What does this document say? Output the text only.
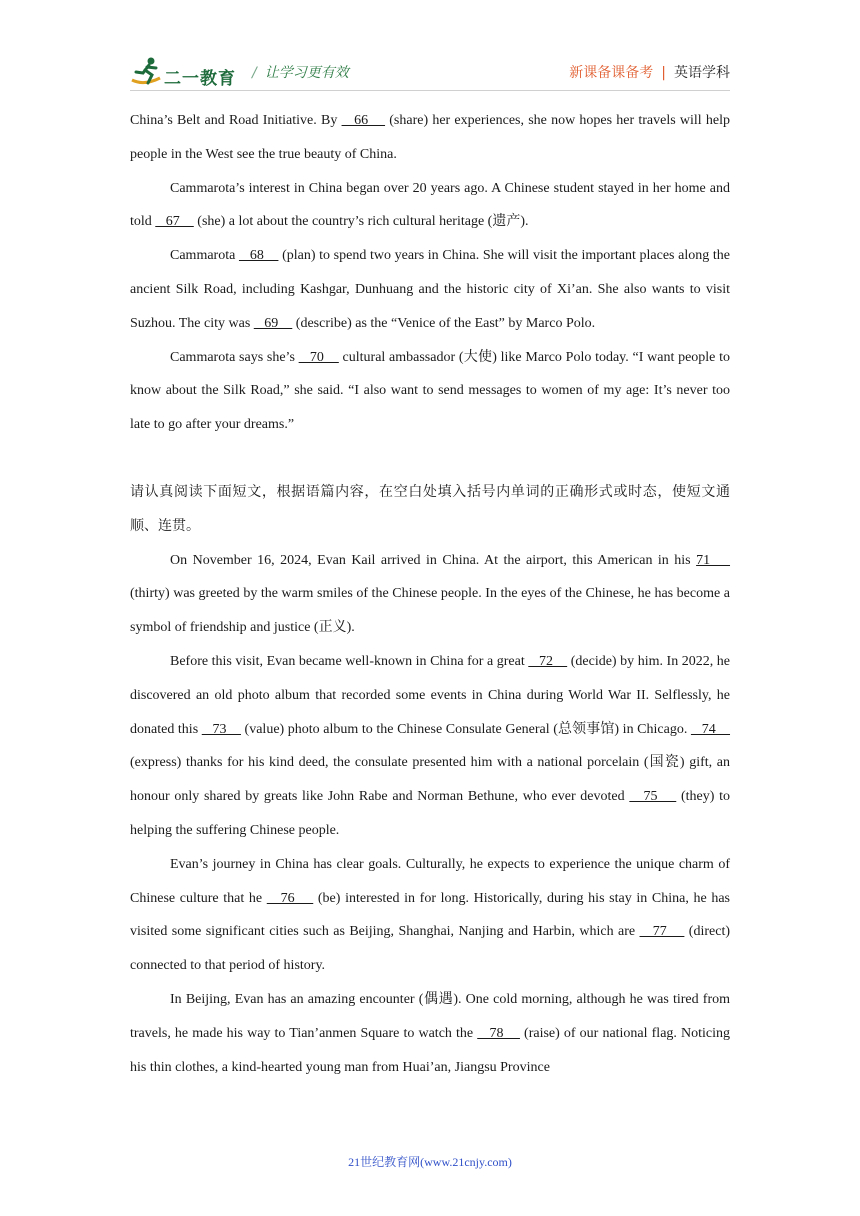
二一教育 / 让学习更有效	新课备课备考 | 英语学科

China’s Belt and Road Initiative. By    66     (share) her experiences, she now hopes her travels will help people in the West see the true beauty of China.

Cammarota’s interest in China began over 20 years ago. A Chinese student stayed in her home and told    67     (she) a lot about the country’s rich cultural heritage (遗产).

Cammarota    68     (plan) to spend two years in China. She will visit the important places along the ancient Silk Road, including Kashgar, Dunhuang and the historic city of Xi’an. She also wants to visit Suzhou. The city was    69     (describe) as the “Venice of the East” by Marco Polo.

Cammarota says she’s    70     cultural ambassador (大使) like Marco Polo today. “I want people to know about the Silk Road,” she said. “I also want to send messages to women of my age: It’s never too late to go after your dreams.”

请认真阅读下面短文，根据语篇内容，在空白处填入括号内单词的正确形式或时态，使短文通顺、连贯。

On November 16, 2024, Evan Kail arrived in China. At the airport, this American in his 71     (thirty) was greeted by the warm smiles of the Chinese people. In the eyes of the Chinese, he has become a symbol of friendship and justice (正义).

Before this visit, Evan became well-known in China for a great    72     (decide) by him. In 2022, he discovered an old photo album that recorded some events in China during World War II. Selflessly, he donated this    73     (value) photo album to the Chinese Consulate General (总领事馆) in Chicago.    74     (express) thanks for his kind deed, the consulate presented him with a national porcelain (国瓷) gift, an honour only shared by greats like John Rabe and Norman Bethune, who ever devoted    75     (they) to helping the suffering Chinese people.

Evan’s journey in China has clear goals. Culturally, he expects to experience the unique charm of Chinese culture that he    76     (be) interested in for long. Historically, during his stay in China, he has visited some significant cities such as Beijing, Shanghai, Nanjing and Harbin, which are    77     (direct) connected to that period of history.

In Beijing, Evan has an amazing encounter (偶遇). One cold morning, although he was tired from travels, he made his way to Tian’anmen Square to watch the    78     (raise) of our national flag. Noticing his thin clothes, a kind-hearted young man from Huai’an, Jiangsu Province

21世纪教育网(www.21cnjy.com)
